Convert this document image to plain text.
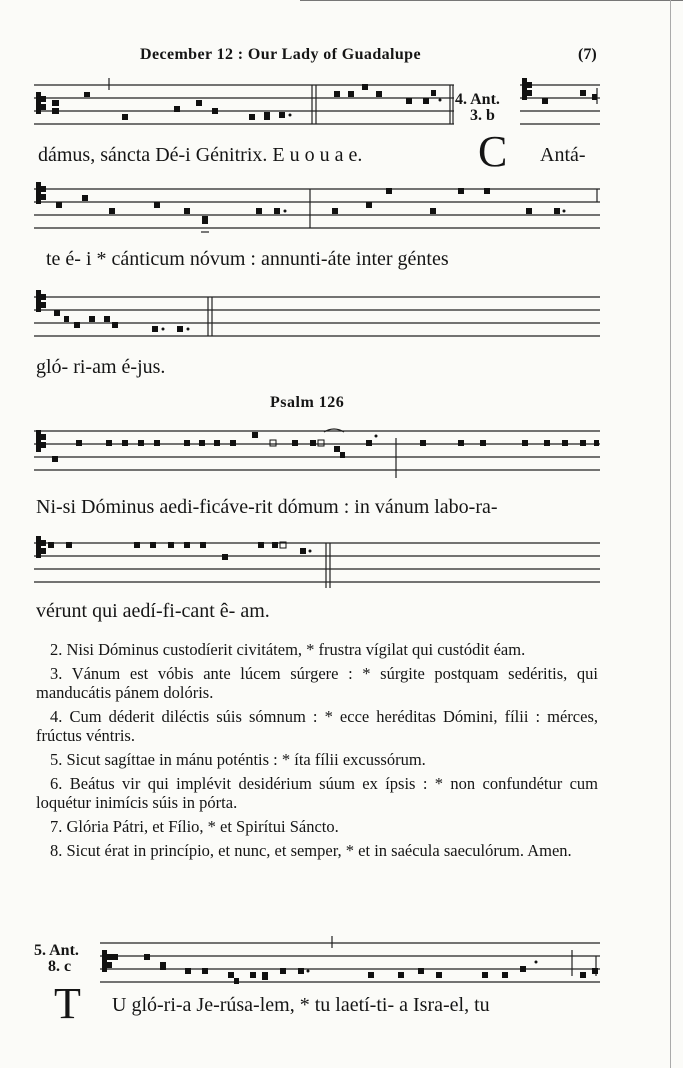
December 12 : Our Lady of Guadalupe	(7)
4. Ant.
3. b
dámus, sáncta Dé-i Génitrix. E u o u a e.	C Antá-
te é- i * cánticum nóvum : annunti-áte inter géntes
gló- ri-am é-jus.
Psalm 126
Ni-si Dóminus aedi-ficáve-rit dómum : in vánum labo-ra-
vérunt qui aedí-fi-cant ê- am.

2. Nisi Dóminus custodíerit civitátem, * frustra vígilat qui custódit éam.

3. Vánum est vóbis ante lúcem súrgere : * súrgite postquam sedéritis, qui manducátis pánem dolóris.

4. Cum déderit diléctis súis sómnum : * ecce heréditas Dómini, fílii : mérces, frúctus véntris.

5. Sicut sagíttae in mánu poténtis : * íta fílii excussórum.

6. Beátus vir qui implévit desidérium súum ex ípsis : * non confundétur cum loquétur inimícis súis in pórta.

7. Glória Pátri, et Fílio, * et Spirítui Sáncto.

8. Sicut érat in princípio, et nunc, et semper, * et in saécula saeculórum. Amen.

5. Ant.
8. c
T U gló-ri-a Je-rúsa-lem, * tu laetí-ti- a Isra-el, tu
